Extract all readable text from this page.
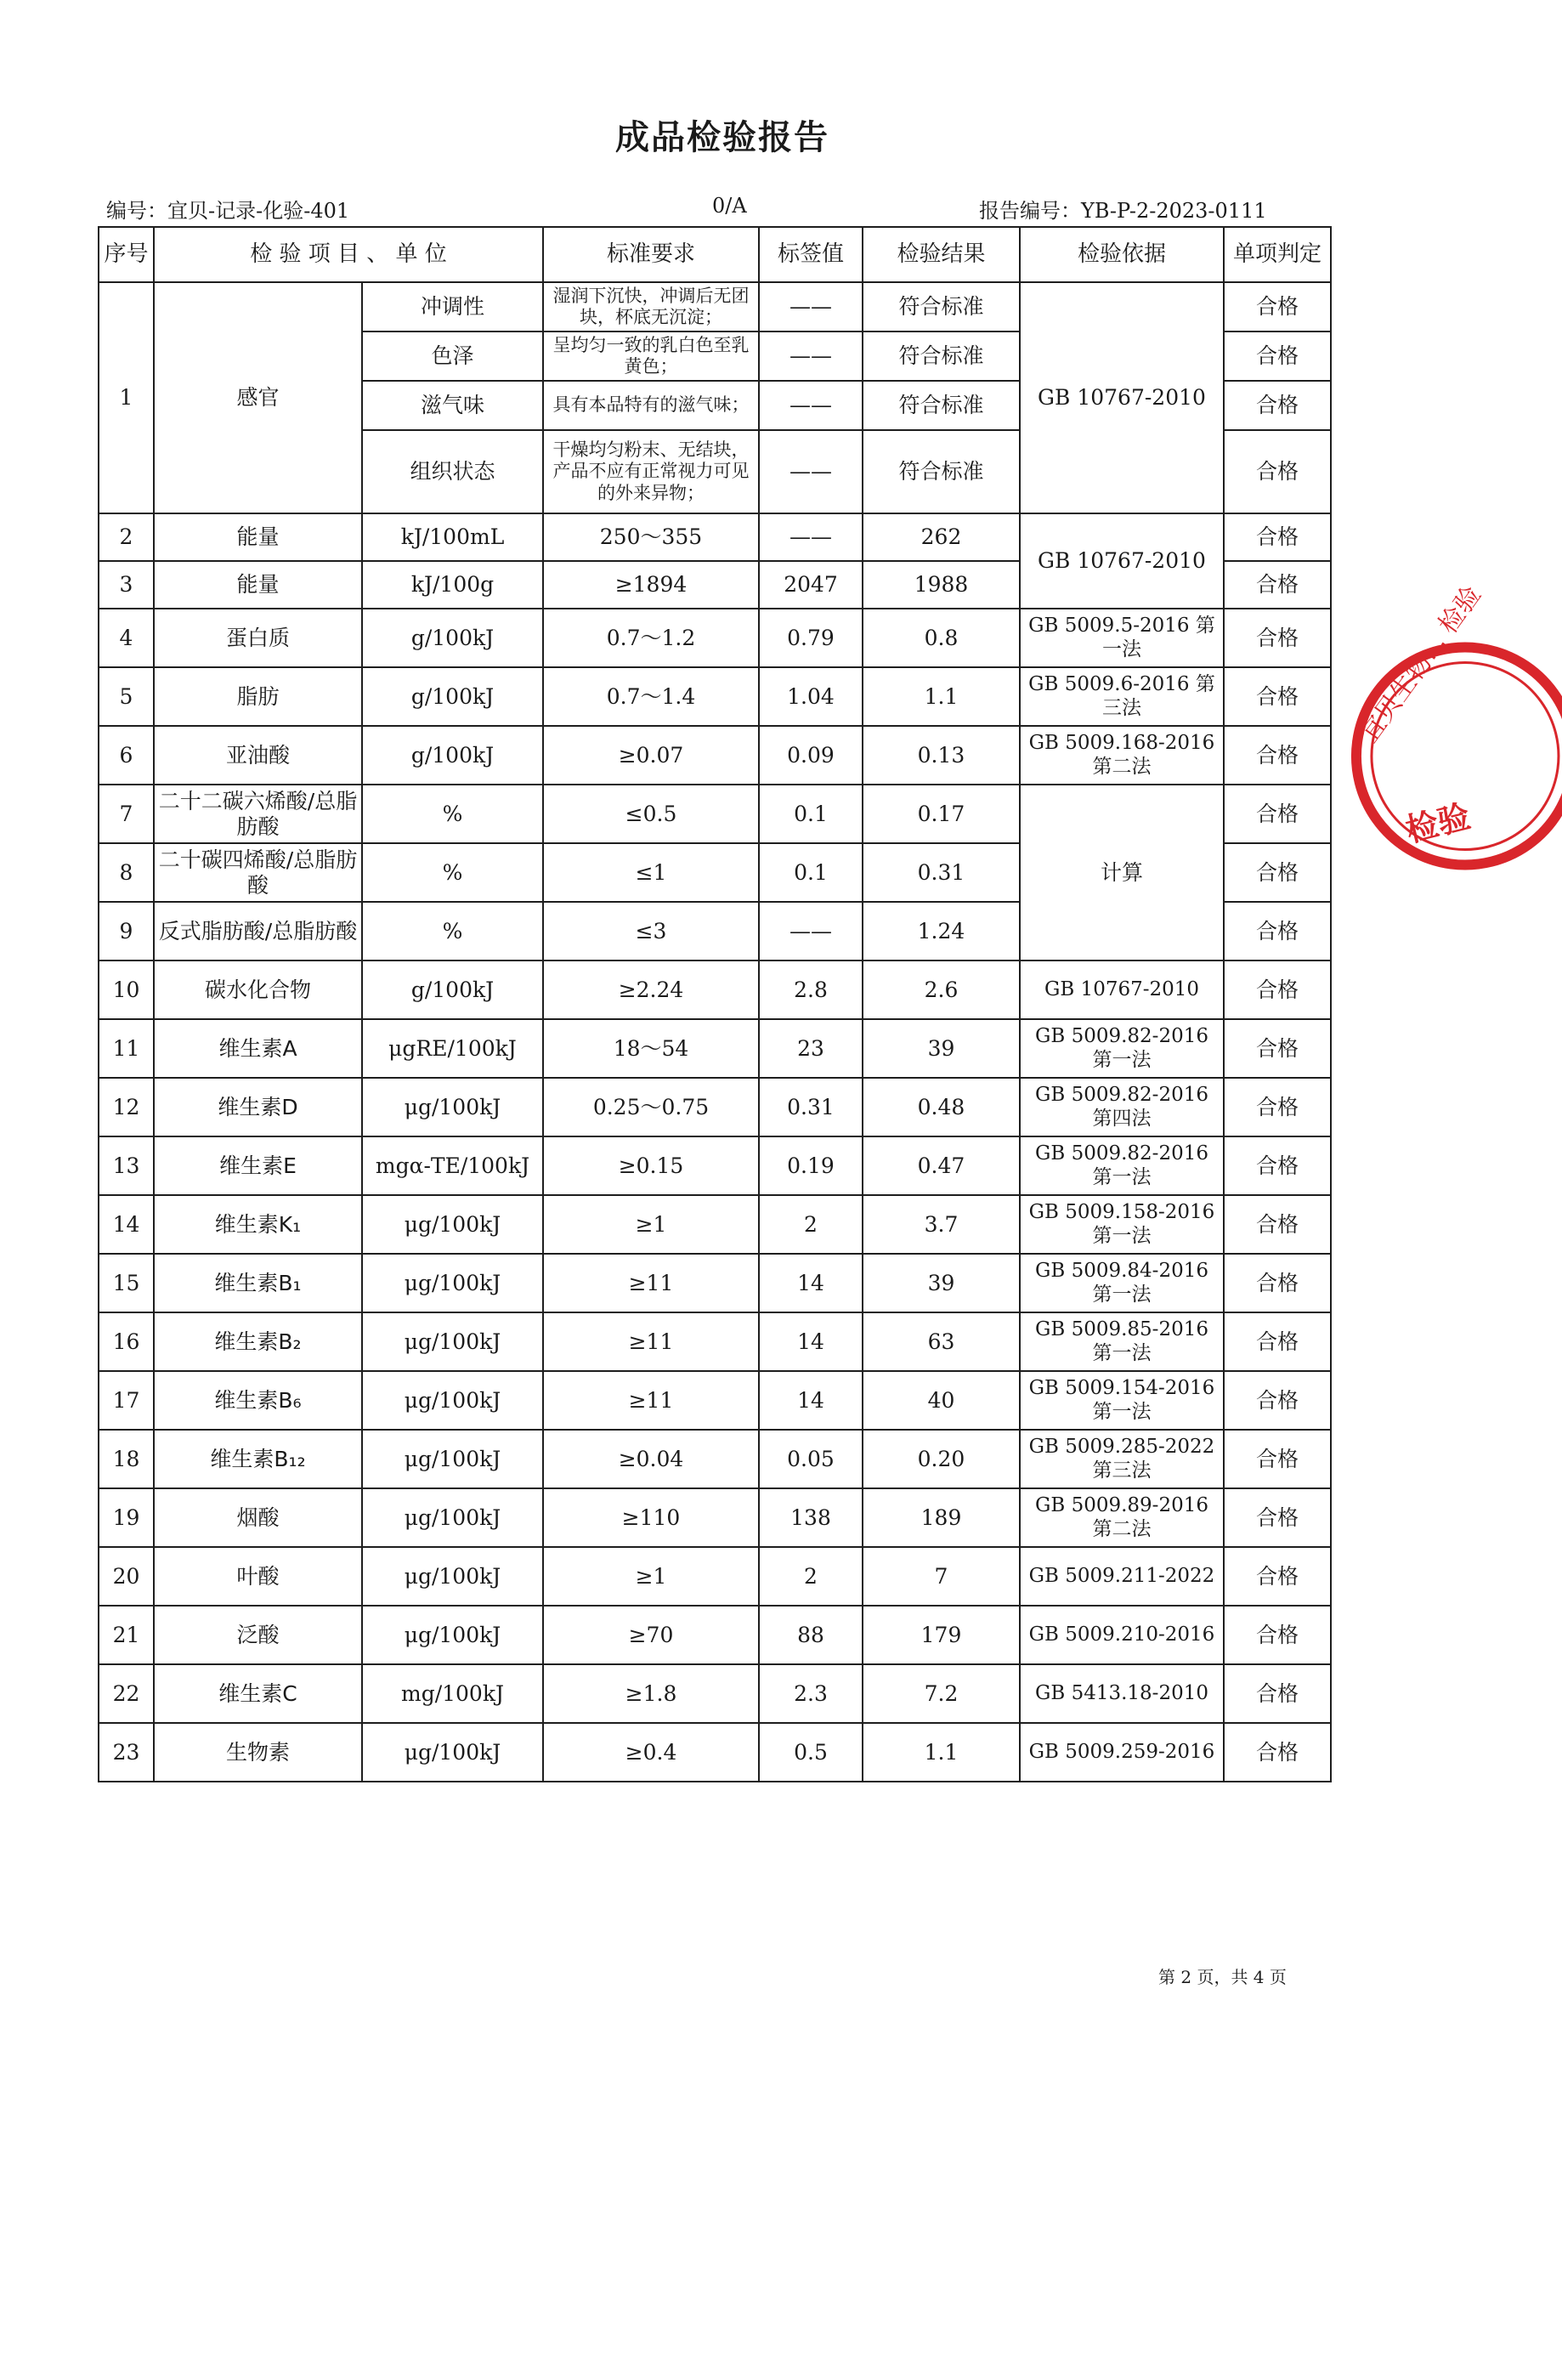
成品检验报告
编号：宜贝-记录-化验-401	0/A	报告编号：YB-P-2-2023-0111
序号	检 验 项 目 、 单 位		标准要求	标签值	检验结果	检验依据	单项判定
1	感官	冲调性	湿润下沉快，冲调后无团块，杯底无沉淀；	——	符合标准	GB 10767-2010	合格
		色泽	呈均匀一致的乳白色至乳黄色；	——	符合标准		合格
		滋气味	具有本品特有的滋气味；	——	符合标准		合格
		组织状态	干燥均匀粉末、无结块，产品不应有正常视力可见的外来异物；	——	符合标准		合格
2	能量	kJ/100mL	250～355	——	262	GB 10767-2010	合格
3	能量	kJ/100g	≥1894	2047	1988		合格
4	蛋白质	g/100kJ	0.7～1.2	0.79	0.8	GB 5009.5-2016 第一法	合格
5	脂肪	g/100kJ	0.7～1.4	1.04	1.1	GB 5009.6-2016 第三法	合格
6	亚油酸	g/100kJ	≥0.07	0.09	0.13	GB 5009.168-2016 第二法	合格
7	二十二碳六烯酸/总脂肪酸	%	≤0.5	0.1	0.17	计算	合格
8	二十碳四烯酸/总脂肪酸	%	≤1	0.1	0.31		合格
9	反式脂肪酸/总脂肪酸	%	≤3	——	1.24		合格
10	碳水化合物	g/100kJ	≥2.24	2.8	2.6	GB 10767-2010	合格
11	维生素A	μgRE/100kJ	18～54	23	39	GB 5009.82-2016 第一法	合格
12	维生素D	μg/100kJ	0.25～0.75	0.31	0.48	GB 5009.82-2016 第四法	合格
13	维生素E	mgα-TE/100kJ	≥0.15	0.19	0.47	GB 5009.82-2016 第一法	合格
14	维生素K₁	μg/100kJ	≥1	2	3.7	GB 5009.158-2016 第一法	合格
15	维生素B₁	μg/100kJ	≥11	14	39	GB 5009.84-2016 第一法	合格
16	维生素B₂	μg/100kJ	≥11	14	63	GB 5009.85-2016 第一法	合格
17	维生素B₆	μg/100kJ	≥11	14	40	GB 5009.154-2016 第一法	合格
18	维生素B₁₂	μg/100kJ	≥0.04	0.05	0.20	GB 5009.285-2022 第三法	合格
19	烟酸	μg/100kJ	≥110	138	189	GB 5009.89-2016 第二法	合格
20	叶酸	μg/100kJ	≥1	2	7	GB 5009.211-2022	合格
21	泛酸	μg/100kJ	≥70	88	179	GB 5009.210-2016	合格
22	维生素C	mg/100kJ	≥1.8	2.3	7.2	GB 5413.18-2010	合格
23	生物素	μg/100kJ	≥0.4	0.5	1.1	GB 5009.259-2016	合格
“宜贝生物... 检验
检验
第 2 页，共 4 页
